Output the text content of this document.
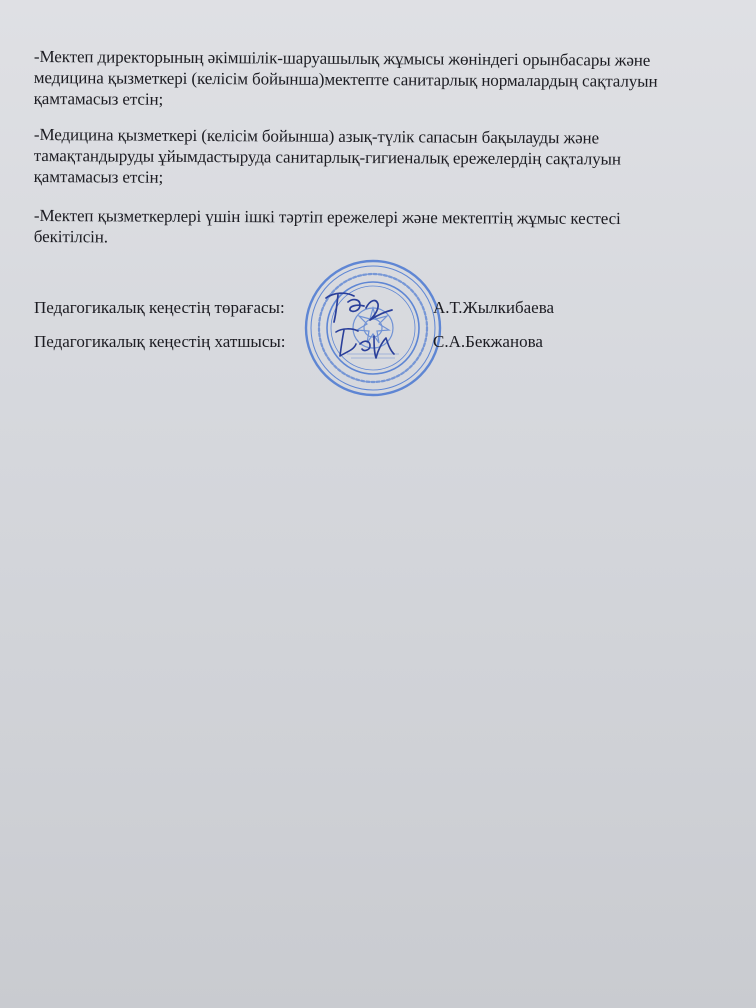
-Мектеп директорының әкімшілік-шаруашылық жұмысы жөніндегі орынбасары және
медицина қызметкері (келісім бойынша)мектепте санитарлық нормалардың сақталуын
қамтамасыз етсін;
-Медицина қызметкері (келісім бойынша) азық-түлік сапасын бақылауды және
тамақтандыруды ұйымдастыруда санитарлық-гигиеналық ережелердің сақталуын
қамтамасыз етсін;
-Мектеп қызметкерлері үшін ішкі тәртіп ережелері және мектептің жұмыс кестесі
бекітілсін.
Педагогикалық кеңестің төрағасы:	А.Т.Жылкибаева
Педагогикалық кеңестің хатшысы:	С.А.Бекжанова
